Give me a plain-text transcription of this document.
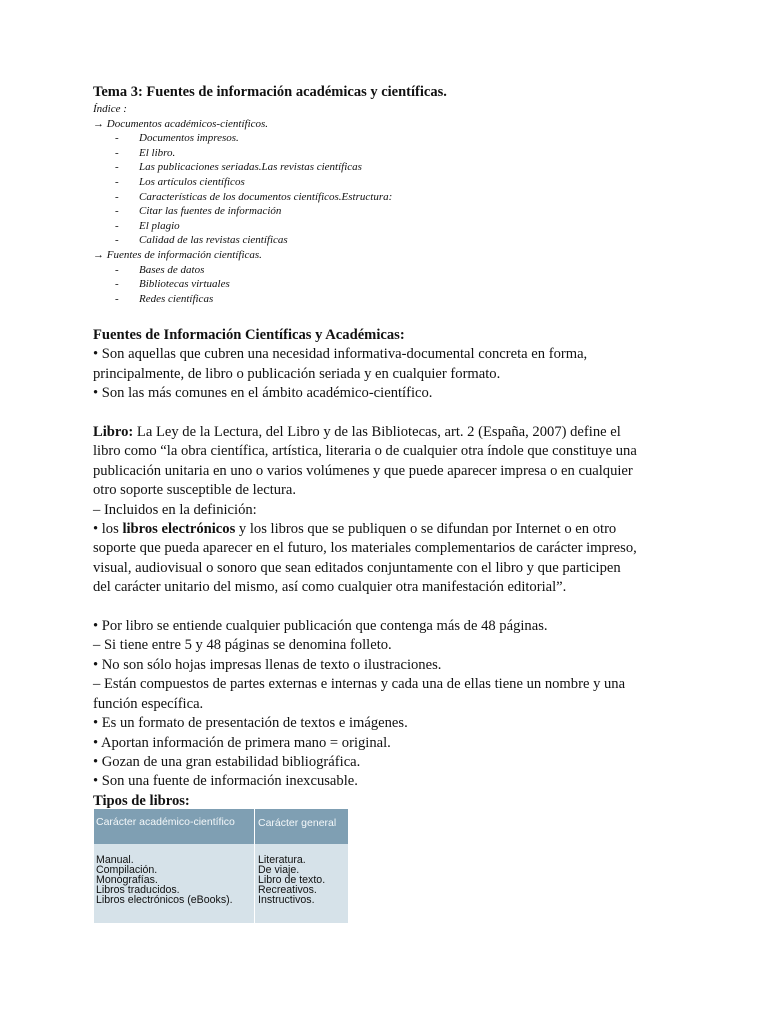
Tema 3: Fuentes de información académicas y científicas.
Índice :
→ Documentos académicos-científicos.
- Documentos impresos.
- El libro.
- Las publicaciones seriadas.Las revistas científicas
- Los artículos científicos
- Características de los documentos científicos.Estructura:
- Citar las fuentes de información
- El plagio
- Calidad de las revistas científicas
→ Fuentes de información científicas.
- Bases de datos
- Bibliotecas virtuales
- Redes científicas

Fuentes de Información Científicas y Académicas:

• Son aquellas que cubren una necesidad informativa-documental concreta en forma,

principalmente, de libro o publicación seriada y en cualquier formato.

• Son las más comunes en el ámbito académico-científico.

Libro: La Ley de la Lectura, del Libro y de las Bibliotecas, art. 2 (España, 2007) define el

libro como “la obra científica, artística, literaria o de cualquier otra índole que constituye una

publicación unitaria en uno o varios volúmenes y que puede aparecer impresa o en cualquier

otro soporte susceptible de lectura.

– Incluidos en la definición:

• los libros electrónicos y los libros que se publiquen o se difundan por Internet o en otro

soporte que pueda aparecer en el futuro, los materiales complementarios de carácter impreso,

visual, audiovisual o sonoro que sean editados conjuntamente con el libro y que participen

del carácter unitario del mismo, así como cualquier otra manifestación editorial”.

• Por libro se entiende cualquier publicación que contenga más de 48 páginas.

– Si tiene entre 5 y 48 páginas se denomina folleto.

• No son sólo hojas impresas llenas de texto o ilustraciones.

– Están compuestos de partes externas e internas y cada una de ellas tiene un nombre y una

función específica.

• Es un formato de presentación de textos e imágenes.

• Aportan información de primera mano = original.

• Gozan de una gran estabilidad bibliográfica.

• Son una fuente de información inexcusable.

Tipos de libros:

Carácter académico-científico	Carácter general
Manual.
Compilación.
Monografías.
Libros traducidos.
Libros electrónicos (eBooks).
Literatura.
De viaje.
Libro de texto.
Recreativos.
Instructivos.
